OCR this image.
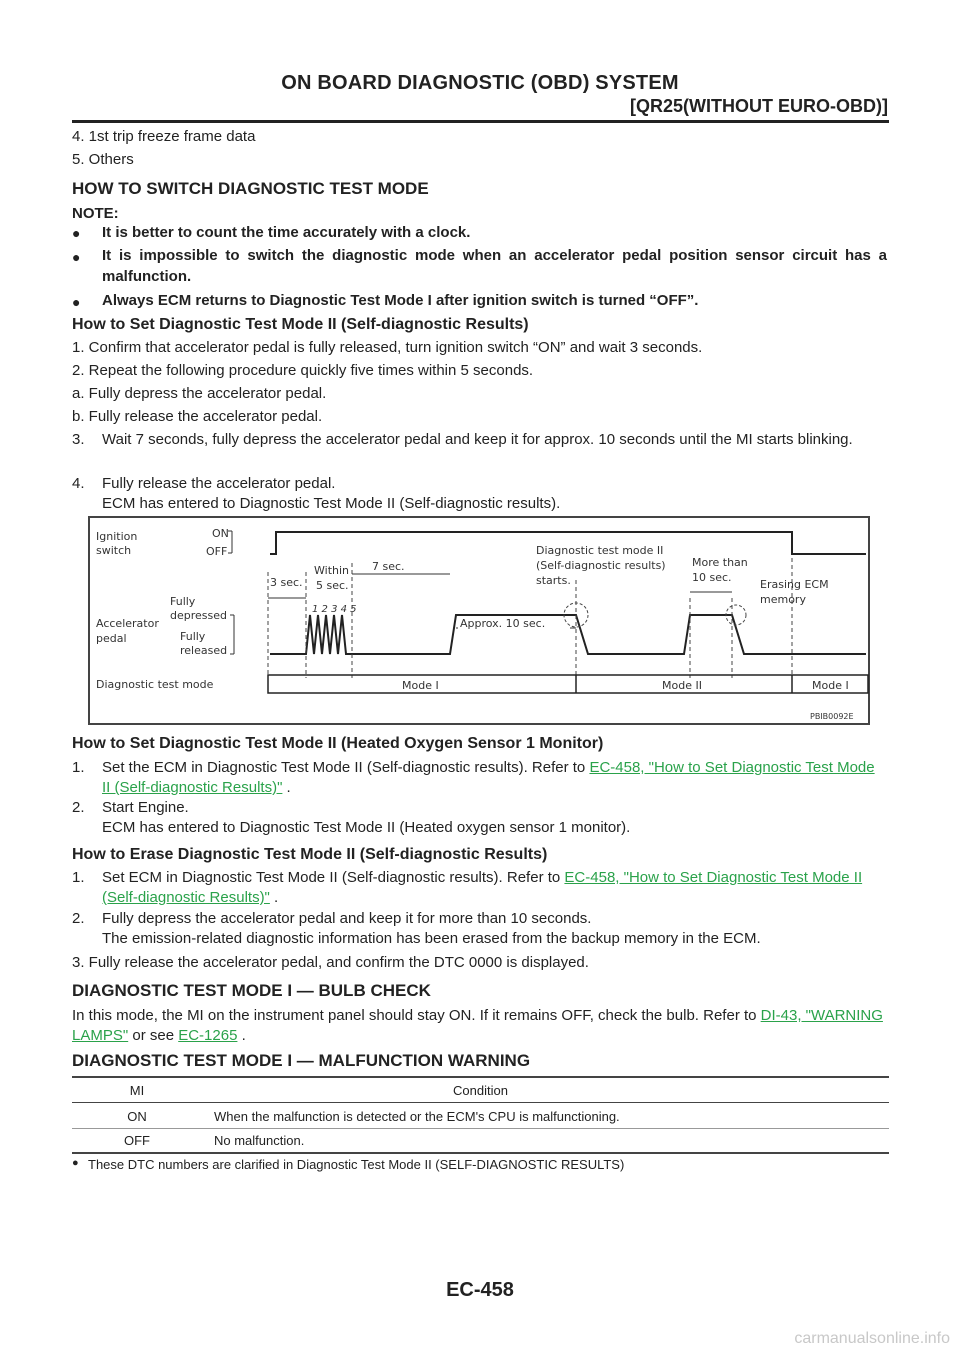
ON BOARD DIAGNOSTIC (OBD) SYSTEM
[QR25(WITHOUT EURO-OBD)]
4. 1st trip freeze frame data
5. Others
HOW TO SWITCH DIAGNOSTIC TEST MODE
NOTE:
● It is better to count the time accurately with a clock.
● It is impossible to switch the diagnostic mode when an accelerator pedal position sensor circuit has a malfunction.
● Always ECM returns to Diagnostic Test Mode I after ignition switch is turned “OFF”.
How to Set Diagnostic Test Mode II (Self-diagnostic Results)
1. Confirm that accelerator pedal is fully released, turn ignition switch “ON” and wait 3 seconds.
2. Repeat the following procedure quickly five times within 5 seconds.
a. Fully depress the accelerator pedal.
b. Fully release the accelerator pedal.
3. Wait 7 seconds, fully depress the accelerator pedal and keep it for approx. 10 seconds until the MI starts blinking.
4. Fully release the accelerator pedal.
ECM has entered to Diagnostic Test Mode II (Self-diagnostic results).
Ignition
switch
ON
OFF
Fully
depressed
Accelerator
pedal	Fully
released
Diagnostic test mode
3 sec.
Within
5 sec.
7 sec.
1 2 3 4 5
Approx. 10 sec.
Diagnostic test mode II
(Self-diagnostic results)
starts.
More than
10 sec.
Erasing ECM
memory
Mode I	Mode II	Mode I
PBIB0092E
How to Set Diagnostic Test Mode II (Heated Oxygen Sensor 1 Monitor)
1. Set the ECM in Diagnostic Test Mode II (Self-diagnostic results). Refer to EC-458, "How to Set Diagnostic Test Mode II (Self-diagnostic Results)" .
2. Start Engine.
ECM has entered to Diagnostic Test Mode II (Heated oxygen sensor 1 monitor).
How to Erase Diagnostic Test Mode II (Self-diagnostic Results)
1. Set ECM in Diagnostic Test Mode II (Self-diagnostic results). Refer to EC-458, "How to Set Diagnostic Test Mode II (Self-diagnostic Results)" .
2. Fully depress the accelerator pedal and keep it for more than 10 seconds.
The emission-related diagnostic information has been erased from the backup memory in the ECM.
3. Fully release the accelerator pedal, and confirm the DTC 0000 is displayed.
DIAGNOSTIC TEST MODE I — BULB CHECK
In this mode, the MI on the instrument panel should stay ON. If it remains OFF, check the bulb. Refer to DI-43, "WARNING LAMPS" or see EC-1265 .
DIAGNOSTIC TEST MODE I — MALFUNCTION WARNING
MI	Condition
ON	When the malfunction is detected or the ECM's CPU is malfunctioning.
OFF	No malfunction.
● These DTC numbers are clarified in Diagnostic Test Mode II (SELF-DIAGNOSTIC RESULTS)
EC-458
carmanualsonline.info
